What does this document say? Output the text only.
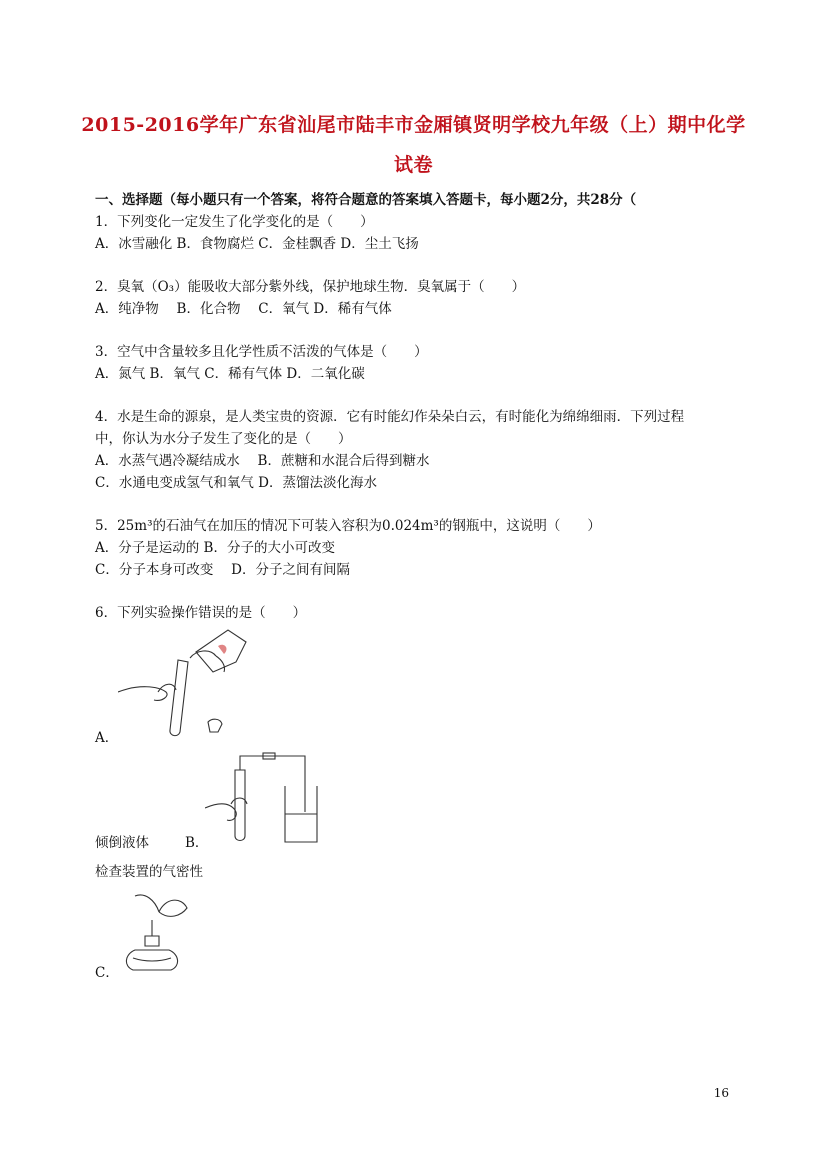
2015-2016学年广东省汕尾市陆丰市金厢镇贤明学校九年级（上）期中化学
试卷
一、选择题（每小题只有一个答案，将符合题意的答案填入答题卡，每小题2分，共28分（
1．下列变化一定发生了化学变化的是（　　）
A．冰雪融化 B．食物腐烂 C．金桂飘香 D．尘土飞扬
2．臭氧（O₃）能吸收大部分紫外线，保护地球生物．臭氧属于（　　）
A．纯净物　 B．化合物　 C．氧气 D．稀有气体
3．空气中含量较多且化学性质不活泼的气体是（　　）
A．氮气 B．氧气 C．稀有气体 D．二氧化碳
4．水是生命的源泉，是人类宝贵的资源．它有时能幻作朵朵白云，有时能化为绵绵细雨．下列过程
中，你认为水分子发生了变化的是（　　）
A．水蒸气遇冷凝结成水　 B．蔗糖和水混合后得到糖水
C．水通电变成氢气和氧气 D．蒸馏法淡化海水
5．25m³的石油气在加压的情况下可装入容积为0.024m³的钢瓶中，这说明（　　）
A．分子是运动的 B．分子的大小可改变
C．分子本身可改变　 D．分子之间有间隔
6．下列实验操作错误的是（　　）
A．
倾倒液体	B．
检查装置的气密性
C．
16
